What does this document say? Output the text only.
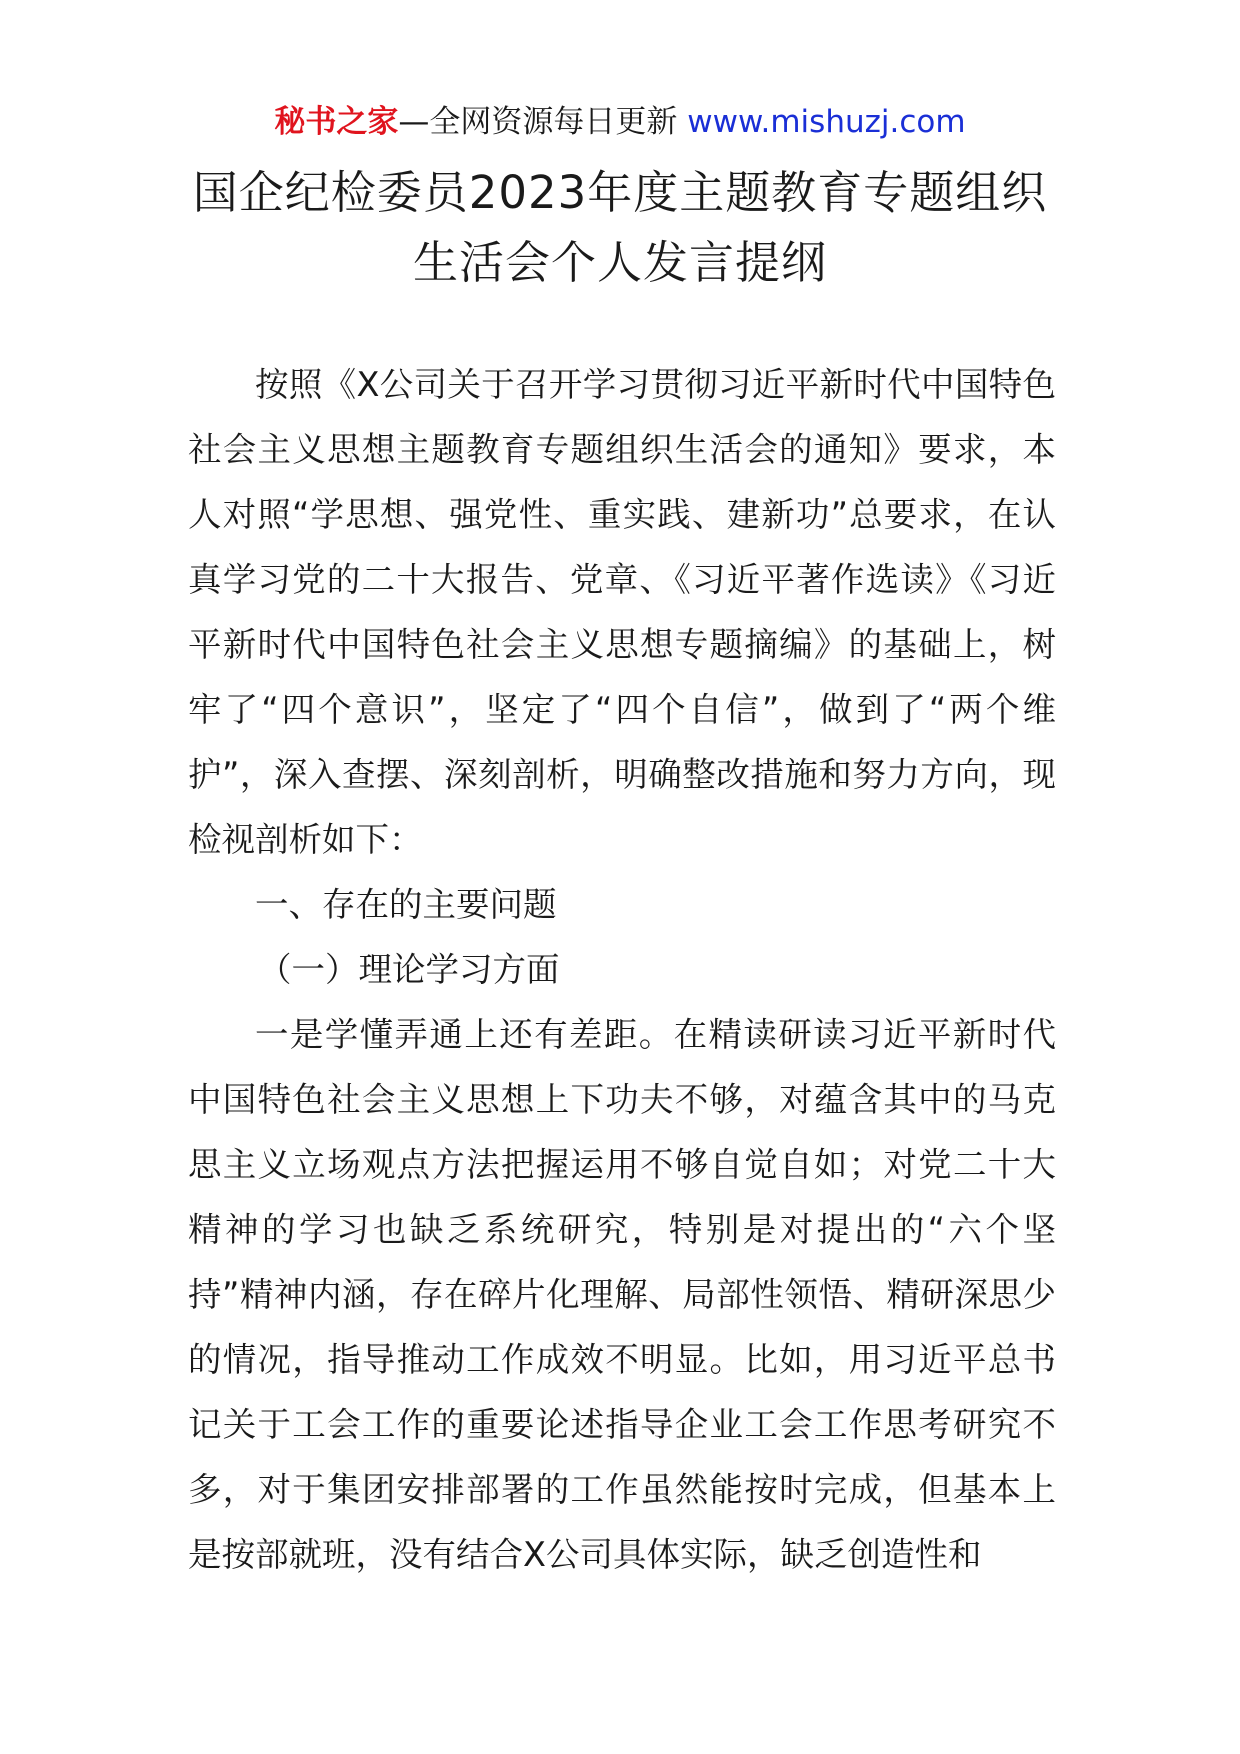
秘书之家—全网资源每日更新 www.mishuzj.com
国企纪检委员2023年度主题教育专题组织
生活会个人发言提纲

按照《X公司关于召开学习贯彻习近平新时代中国特色社会主义思想主题教育专题组织生活会的通知》要求，本人对照“学思想、强党性、重实践、建新功”总要求，在认真学习党的二十大报告、党章、《习近平著作选读》《习近平新时代中国特色社会主义思想专题摘编》的基础上，树牢了“四个意识”，坚定了“四个自信”，做到了“两个维护”，深入查摆、深刻剖析，明确整改措施和努力方向，现检视剖析如下：

一、存在的主要问题

（一）理论学习方面

一是学懂弄通上还有差距。在精读研读习近平新时代中国特色社会主义思想上下功夫不够，对蕴含其中的马克思主义立场观点方法把握运用不够自觉自如；对党二十大精神的学习也缺乏系统研究，特别是对提出的“六个坚持”精神内涵，存在碎片化理解、局部性领悟、精研深思少的情况，指导推动工作成效不明显。比如，用习近平总书记关于工会工作的重要论述指导企业工会工作思考研究不多，对于集团安排部署的工作虽然能按时完成，但基本上是按部就班，没有结合X公司具体实际，缺乏创造性和
